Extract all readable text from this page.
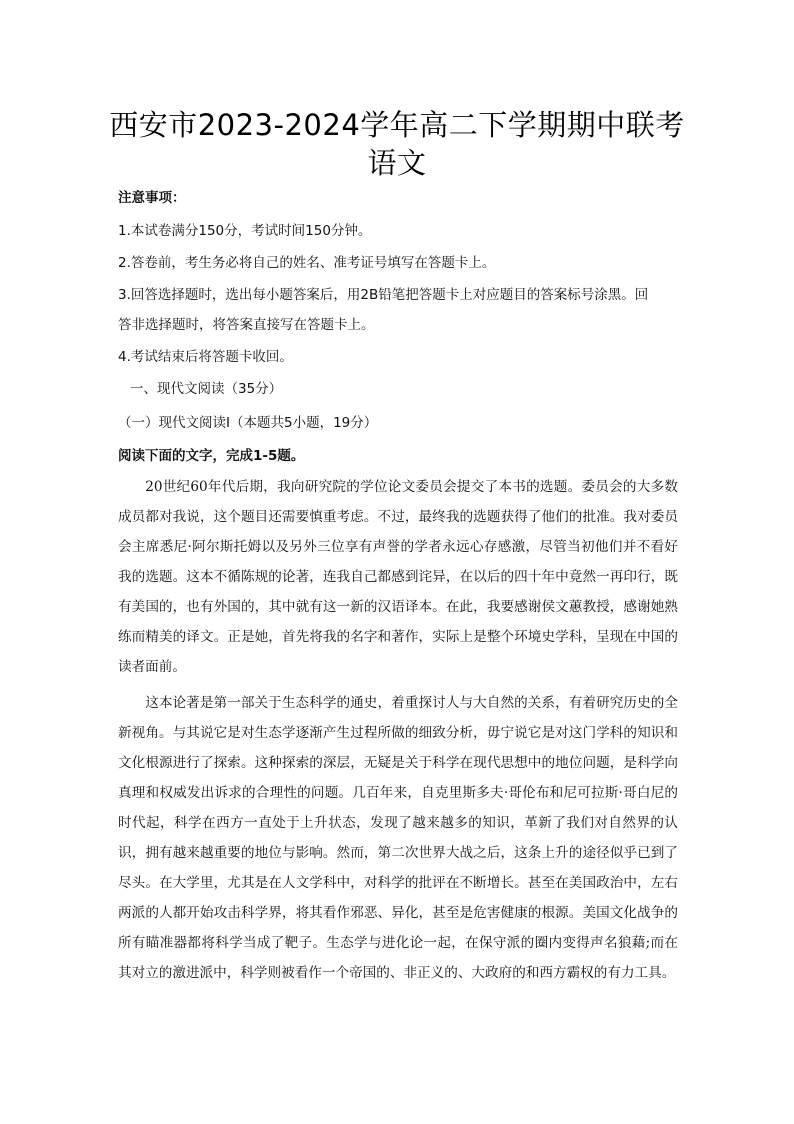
西安市2023-2024学年高二下学期期中联考
语文
注意事项：
1.本试卷满分150分，考试时间150分钟。
2.答卷前，考生务必将自己的姓名、准考证号填写在答题卡上。
3.回答选择题时，选出每小题答案后，用2B铅笔把答题卡上对应题目的答案标号涂黑。回
答非选择题时，将答案直接写在答题卡上。
4.考试结束后将答题卡收回。
一、现代文阅读（35分）
（一）现代文阅读Ⅰ（本题共5小题，19分）
阅读下面的文字，完成1-5题。
20世纪60年代后期，我向研究院的学位论文委员会提交了本书的选题。委员会的大多数成员都对我说，这个题目还需要慎重考虑。不过，最终我的选题获得了他们的批准。我对委员会主席悉尼·阿尔斯托姆以及另外三位享有声誉的学者永远心存感激，尽管当初他们并不看好我的选题。这本不循陈规的论著，连我自己都感到诧异，在以后的四十年中竟然一再印行，既有美国的，也有外国的，其中就有这一新的汉语译本。在此，我要感谢侯文蕙教授，感谢她熟练而精美的译文。正是她，首先将我的名字和著作，实际上是整个环境史学科，呈现在中国的读者面前。
这本论著是第一部关于生态科学的通史，着重探讨人与大自然的关系，有着研究历史的全新视角。与其说它是对生态学逐渐产生过程所做的细致分析，毋宁说它是对这门学科的知识和文化根源进行了探索。这种探索的深层，无疑是关于科学在现代思想中的地位问题，是科学向真理和权威发出诉求的合理性的问题。几百年来，自克里斯多夫·哥伦布和尼可拉斯·哥白尼的时代起，科学在西方一直处于上升状态，发现了越来越多的知识，革新了我们对自然界的认识，拥有越来越重要的地位与影响。然而，第二次世界大战之后，这条上升的途径似乎已到了尽头。在大学里，尤其是在人文学科中，对科学的批评在不断增长。甚至在美国政治中，左右两派的人都开始攻击科学界，将其看作邪恶、异化，甚至是危害健康的根源。美国文化战争的所有瞄准器都将科学当成了靶子。生态学与进化论一起，在保守派的圈内变得声名狼藉;而在其对立的激进派中，科学则被看作一个帝国的、非正义的、大政府的和西方霸权的有力工具。
